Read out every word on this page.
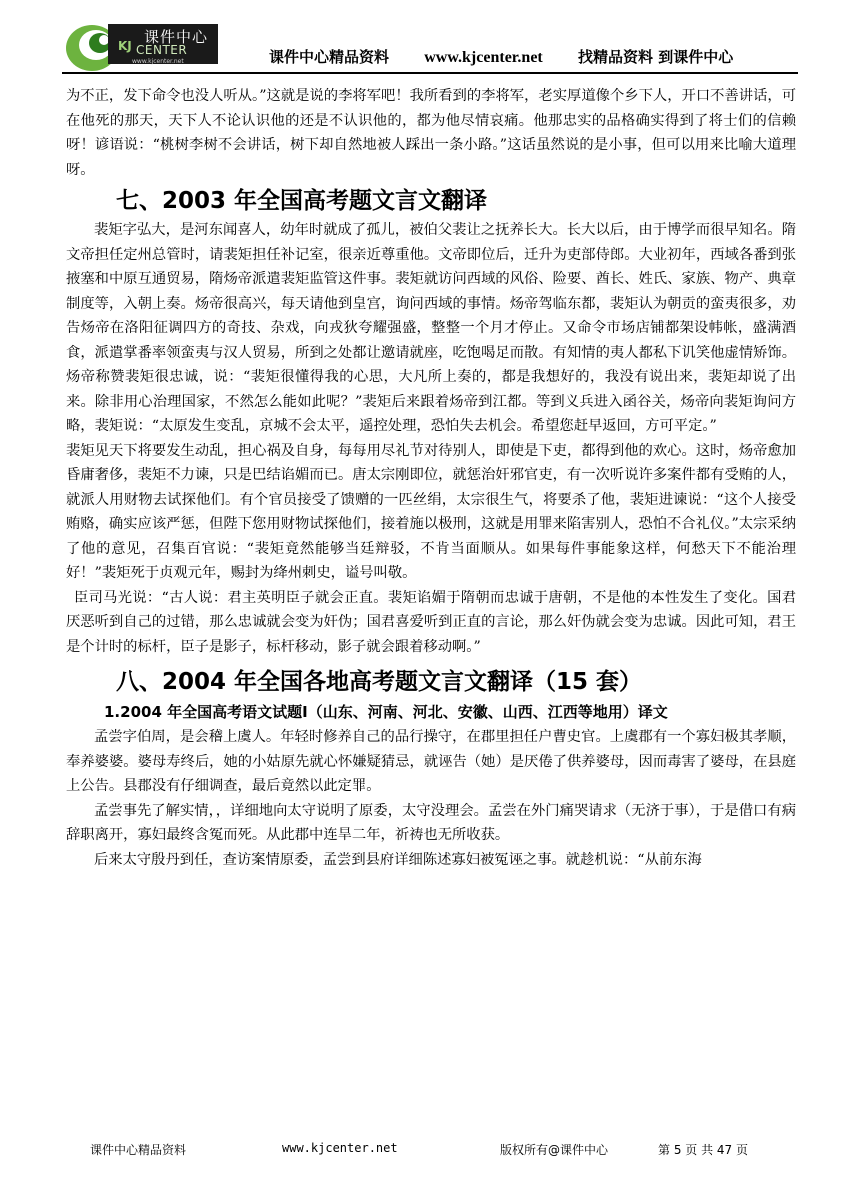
课件中心
KJ CENTER
www.kjcenter.net	课件中心精品资料 www.kjcenter.net 找精品资料 到课件中心

为不正，发下命令也没人听从。”这就是说的李将军吧！我所看到的李将军，老实厚道像个乡下人，开口不善讲话，可在他死的那天，天下人不论认识他的还是不认识他的，都为他尽情哀痛。他那忠实的品格确实得到了将士们的信赖呀！谚语说：“桃树李树不会讲话，树下却自然地被人踩出一条小路。”这话虽然说的是小事，但可以用来比喻大道理呀。

七、2003 年全国高考题文言文翻译

裴矩字弘大，是河东闻喜人，幼年时就成了孤儿，被伯父裴让之抚养长大。长大以后，由于博学而很早知名。隋文帝担任定州总管时，请裴矩担任补记室，很亲近尊重他。文帝即位后，迁升为吏部侍郎。大业初年，西域各番到张掖塞和中原互通贸易，隋炀帝派遣裴矩监管这件事。裴矩就访问西域的风俗、险要、酋长、姓氏、家族、物产、典章制度等，入朝上奏。炀帝很高兴，每天请他到皇宫，询问西域的事情。炀帝驾临东都，裴矩认为朝贡的蛮夷很多，劝告炀帝在洛阳征调四方的奇技、杂戏，向戎狄夸耀强盛，整整一个月才停止。又命令市场店铺都架设帏帐，盛满酒食，派遣掌番率领蛮夷与汉人贸易，所到之处都让邀请就座，吃饱喝足而散。有知情的夷人都私下讥笑他虚情矫饰。炀帝称赞裴矩很忠诚，说：“裴矩很懂得我的心思，大凡所上奏的，都是我想好的，我没有说出来，裴矩却说了出来。除非用心治理国家，不然怎么能如此呢？”裴矩后来跟着炀帝到江都。等到义兵进入函谷关，炀帝向裴矩询问方略，裴矩说：“太原发生变乱，京城不会太平，遥控处理，恐怕失去机会。希望您赶早返回，方可平定。”

裴矩见天下将要发生动乱，担心祸及自身，每每用尽礼节对待别人，即使是下吏，都得到他的欢心。这时，炀帝愈加昏庸奢侈，裴矩不力谏，只是巴结谄媚而已。唐太宗刚即位，就惩治奸邪官吏，有一次听说许多案件都有受贿的人，就派人用财物去试探他们。有个官员接受了馈赠的一匹丝绢，太宗很生气，将要杀了他，裴矩进谏说：“这个人接受贿赂，确实应该严惩，但陛下您用财物试探他们，接着施以极刑，这就是用罪来陷害别人，恐怕不合礼仪。”太宗采纳了他的意见，召集百官说：“裴矩竟然能够当廷辩驳，不肯当面顺从。如果每件事能象这样，何愁天下不能治理好！”裴矩死于贞观元年，赐封为绛州刺史，谥号叫敬。

臣司马光说：“古人说：君主英明臣子就会正直。裴矩谄媚于隋朝而忠诚于唐朝，不是他的本性发生了变化。国君厌恶听到自己的过错，那么忠诚就会变为奸伪；国君喜爱听到正直的言论，那么奸伪就会变为忠诚。因此可知，君王是个计时的标杆，臣子是影子，标杆移动，影子就会跟着移动啊。”

八、2004 年全国各地高考题文言文翻译（15 套）
1.2004 年全国高考语文试题Ⅰ（山东、河南、河北、安徽、山西、江西等地用）译文

孟尝字伯周，是会稽上虞人。年轻时修养自己的品行操守，在郡里担任户曹史官。上虞郡有一个寡妇极其孝顺，奉养婆婆。婆母寿终后，她的小姑原先就心怀嫌疑猜忌，就诬告（她）是厌倦了供养婆母，因而毒害了婆母，在县庭上公告。县郡没有仔细调查，最后竟然以此定罪。

孟尝事先了解实情，，详细地向太守说明了原委，太守没理会。孟尝在外门痛哭请求（无济于事），于是借口有病辞职离开，寡妇最终含冤而死。从此郡中连旱二年，祈祷也无所收获。

后来太守殷丹到任，查访案情原委，孟尝到县府详细陈述寡妇被冤诬之事。就趁机说：“从前东海

课件中心精品资料	www.kjcenter.net	版权所有@课件中心	第 5 页 共 47 页
